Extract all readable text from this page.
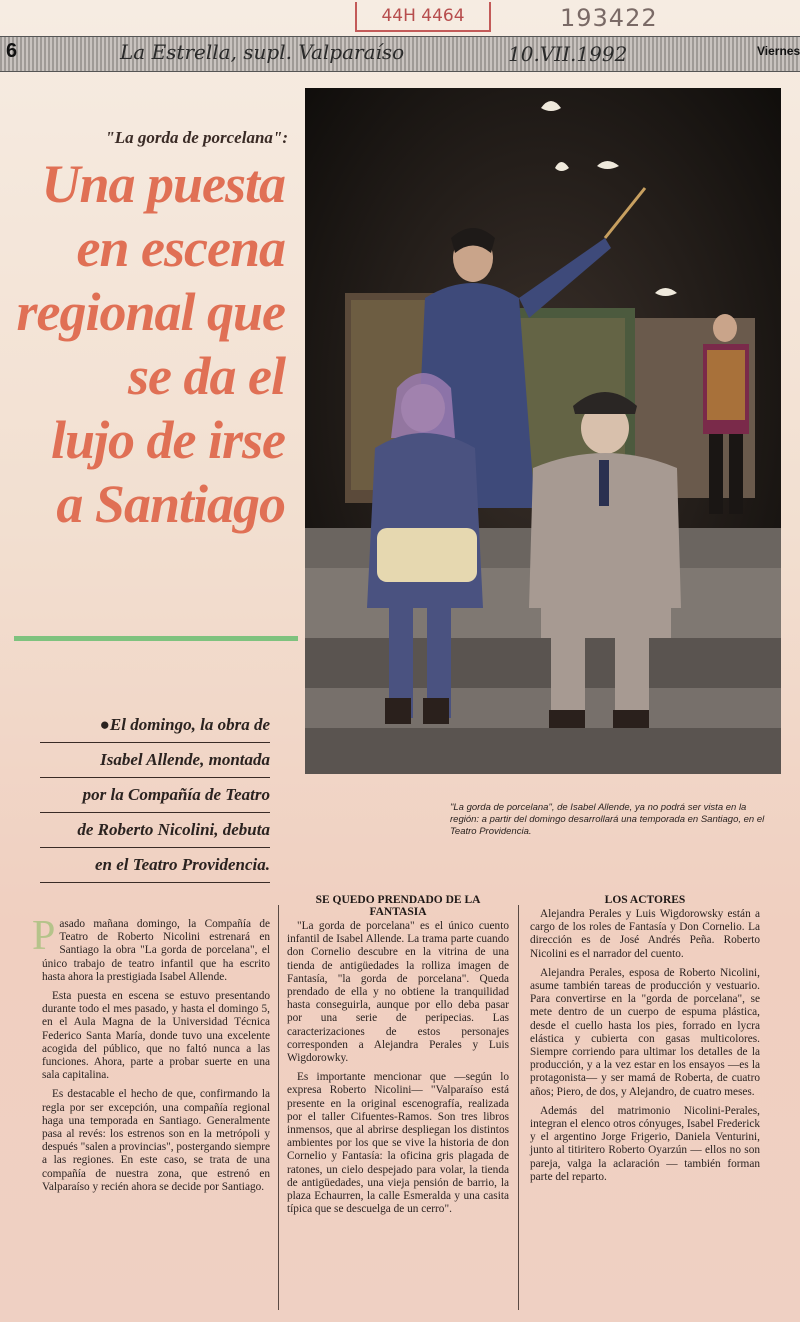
44H 4464	193422
6	La Estrella, supl. Valparaíso	10.VII.1992	Viernes
"La gorda de porcelana":
Una puesta
en escena
regional que
se da el
lujo de irse
a Santiago
●El domingo, la obra de
Isabel Allende, montada
por la Compañía de Teatro
de Roberto Nicolini, debuta
en el Teatro Providencia.
"La gorda de porcelana", de Isabel Allende, ya no podrá ser vista en la región: a partir del domingo desarrollará una temporada en Santiago, en el Teatro Providencia.

Pasado mañana domingo, la Compañía de Teatro de Roberto Nicolini estrenará en Santiago la obra "La gorda de porcelana", el único trabajo de teatro infantil que ha escrito hasta ahora la prestigiada Isabel Allende.

Esta puesta en escena se estuvo presentando durante todo el mes pasado, y hasta el domingo 5, en el Aula Magna de la Universidad Técnica Federico Santa María, donde tuvo una excelente acogida del público, que no faltó nunca a las funciones. Ahora, parte a probar suerte en una sala capitalina.

Es destacable el hecho de que, confirmando la regla por ser excepción, una compañía regional haga una temporada en Santiago. Generalmente pasa al revés: los estrenos son en la metrópoli y después "salen a provincias", postergando siempre a las regiones. En este caso, se trata de una compañía de nuestra zona, que estrenó en Valparaíso y recién ahora se decide por Santiago.

SE QUEDO PRENDADO DE LA FANTASIA

"La gorda de porcelana" es el único cuento infantil de Isabel Allende. La trama parte cuando don Cornelio descubre en la vitrina de una tienda de antigüedades la rolliza imagen de Fantasía, "la gorda de porcelana". Queda prendado de ella y no obtiene la tranquilidad hasta conseguirla, aunque por ello deba pasar por una serie de peripecias. Las caracterizaciones de estos personajes corresponden a Alejandra Perales y Luis Wigdorowky.

Es importante mencionar que —según lo expresa Roberto Nicolini— "Valparaíso está presente en la original escenografía, realizada por el taller Cifuentes-Ramos. Son tres libros inmensos, que al abrirse despliegan los distintos ambientes por los que se vive la historia de don Cornelio y Fantasía: la oficina gris plagada de ratones, un cielo despejado para volar, la tienda de antigüedades, una vieja pensión de barrio, la plaza Echaurren, la calle Esmeralda y una casita típica que se descuelga de un cerro".

LOS ACTORES

Alejandra Perales y Luis Wigdorowsky están a cargo de los roles de Fantasía y Don Cornelio. La dirección es de José Andrés Peña. Roberto Nicolini es el narrador del cuento.

Alejandra Perales, esposa de Roberto Nicolini, asume también tareas de producción y vestuario. Para convertirse en la "gorda de porcelana", se mete dentro de un cuerpo de espuma plástica, desde el cuello hasta los pies, forrado en lycra elástica y cubierta con gasas multicolores. Siempre corriendo para ultimar los detalles de la producción, y a la vez estar en los ensayos —es la protagonista— y ser mamá de Roberta, de cuatro años; Piero, de dos, y Alejandro, de cuatro meses.

Además del matrimonio Nicolini-Perales, integran el elenco otros cónyuges, Isabel Frederick y el argentino Jorge Frigerio, Daniela Venturini, junto al titiritero Roberto Oyarzún — ellos no son pareja, valga la aclaración — también forman parte del reparto.
